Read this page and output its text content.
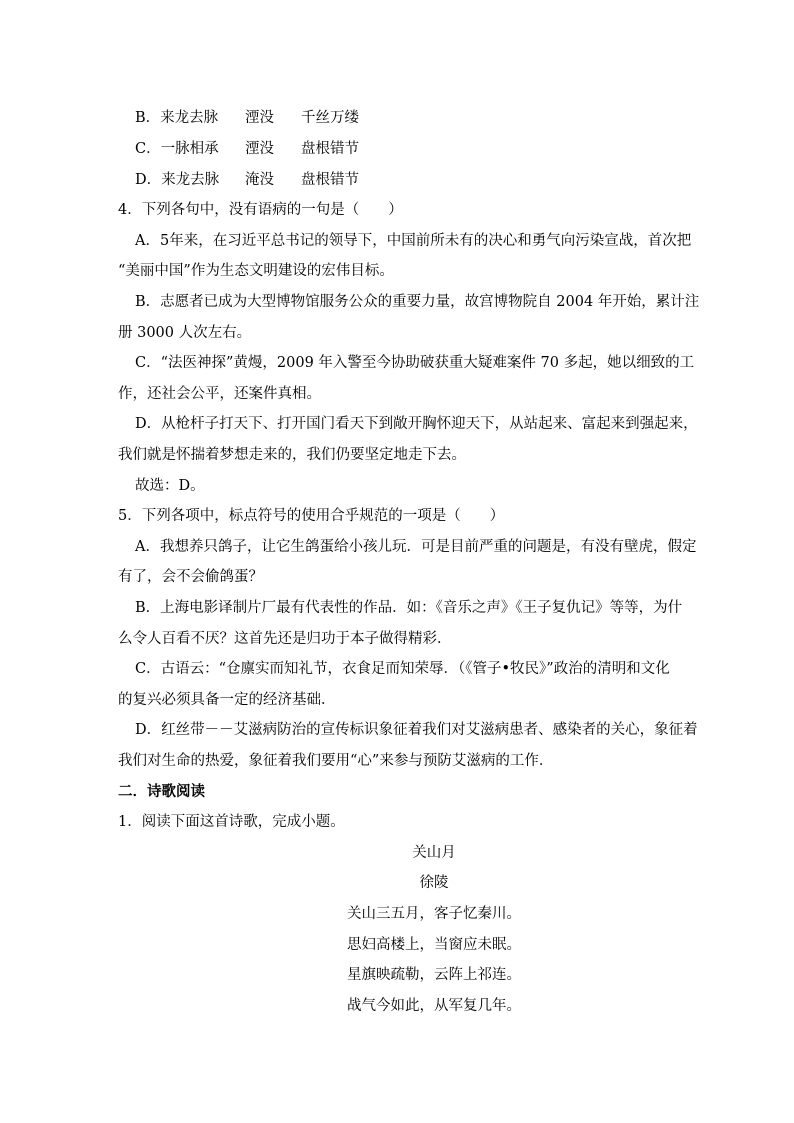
B．来龙去脉 湮没 千丝万缕
C．一脉相承 湮没 盘根错节
D．来龙去脉 淹没 盘根错节
4．下列各句中，没有语病的一句是（　　）
A．5年来，在习近平总书记的领导下，中国前所未有的决心和勇气向污染宣战，首次把
“美丽中国”作为生态文明建设的宏伟目标。
B．志愿者已成为大型博物馆服务公众的重要力量，故宫博物院自 2004 年开始，累计注
册 3000 人次左右。
C．“法医神探”黄熳，2009 年入警至今协助破获重大疑难案件 70 多起，她以细致的工
作，还社会公平，还案件真相。
D．从枪杆子打天下、打开国门看天下到敞开胸怀迎天下，从站起来、富起来到强起来，
我们就是怀揣着梦想走来的，我们仍要坚定地走下去。
故选：D。
5．下列各项中，标点符号的使用合乎规范的一项是（　　）
A．我想养只鸽子，让它生鸽蛋给小孩儿玩．可是目前严重的问题是，有没有壁虎，假定
有了，会不会偷鸽蛋？
B．上海电影译制片厂最有代表性的作品．如：《音乐之声》《王子复仇记》等等，为什
么令人百看不厌？这首先还是归功于本子做得精彩．
C．古语云：“仓廪实而知礼节，衣食足而知荣辱．（《管子•牧民》”政治的清明和文化
的复兴必须具备一定的经济基础．
D．红丝带－－艾滋病防治的宣传标识象征着我们对艾滋病患者、感染者的关心，象征着
我们对生命的热爱，象征着我们要用“心”来参与预防艾滋病的工作．
二．诗歌阅读
1．阅读下面这首诗歌，完成小题。
关山月
徐陵
关山三五月，客子忆秦川。
思妇高楼上，当窗应未眠。
星旗映疏勒，云阵上祁连。
战气今如此，从军复几年。
